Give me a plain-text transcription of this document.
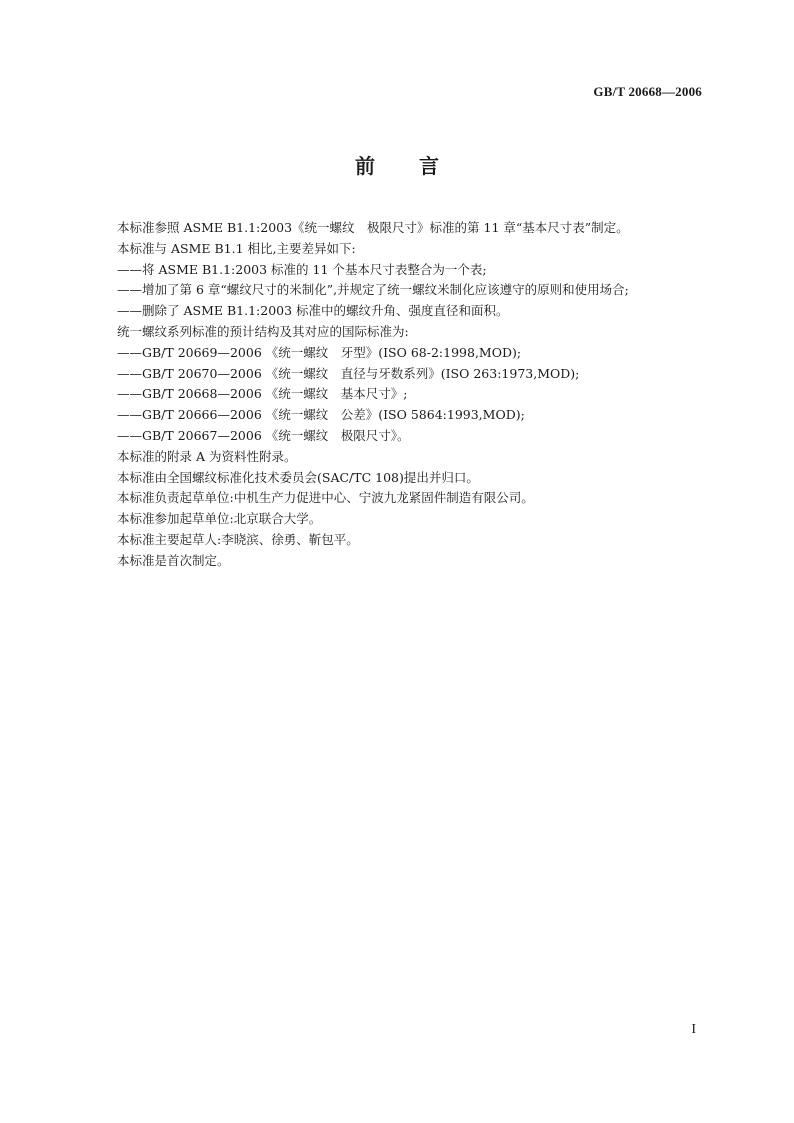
GB/T 20668—2006
前言
本标准参照 ASME B1.1:2003《统一螺纹　极限尺寸》标准的第 11 章“基本尺寸表”制定。
本标准与 ASME B1.1 相比,主要差异如下:
——将 ASME B1.1:2003 标准的 11 个基本尺寸表整合为一个表;
——增加了第 6 章“螺纹尺寸的米制化”,并规定了统一螺纹米制化应该遵守的原则和使用场合;
——删除了 ASME B1.1:2003 标准中的螺纹升角、强度直径和面积。
统一螺纹系列标准的预计结构及其对应的国际标准为:
——GB/T 20669—2006 《统一螺纹　牙型》(ISO 68-2:1998,MOD);
——GB/T 20670—2006 《统一螺纹　直径与牙数系列》(ISO 263:1973,MOD);
——GB/T 20668—2006 《统一螺纹　基本尺寸》;
——GB/T 20666—2006 《统一螺纹　公差》(ISO 5864:1993,MOD);
——GB/T 20667—2006 《统一螺纹　极限尺寸》。
本标准的附录 A 为资料性附录。
本标准由全国螺纹标准化技术委员会(SAC/TC 108)提出并归口。
本标准负责起草单位:中机生产力促进中心、宁波九龙紧固件制造有限公司。
本标准参加起草单位:北京联合大学。
本标准主要起草人:李晓滨、徐勇、靳包平。
本标准是首次制定。
I
